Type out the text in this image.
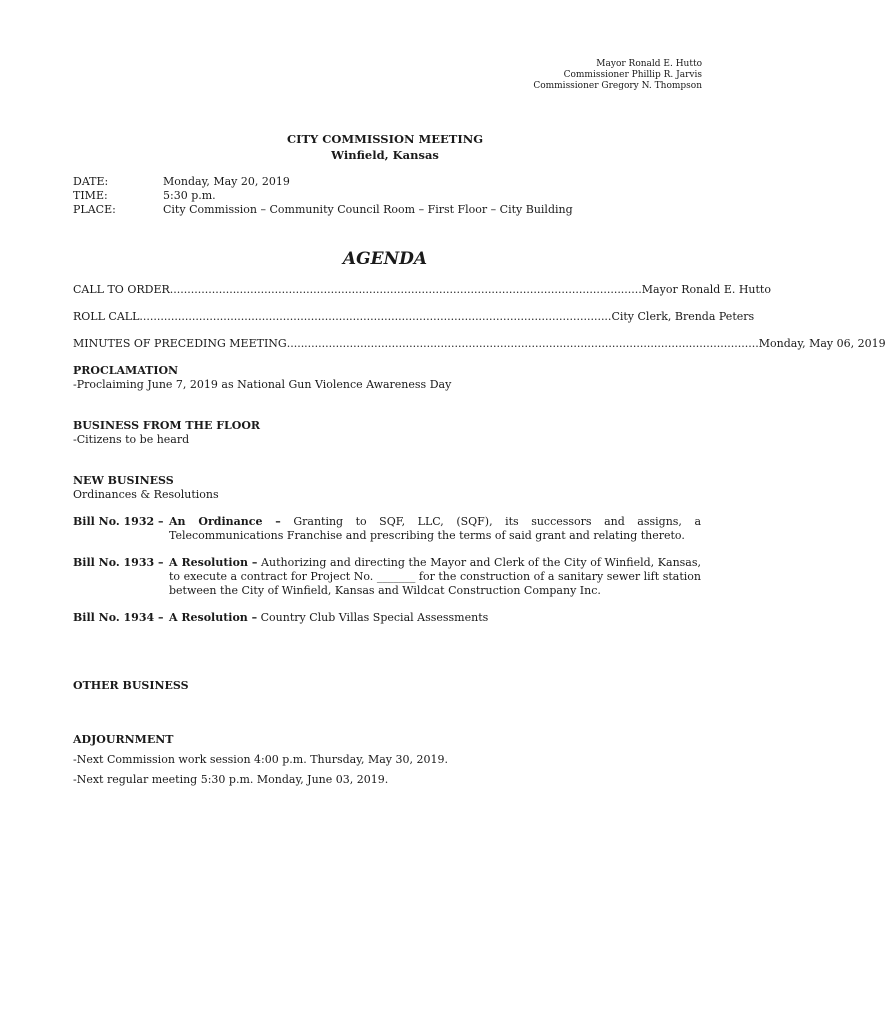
Mayor Ronald E. Hutto
Commissioner Phillip R. Jarvis
Commissioner Gregory N. Thompson
CITY COMMISSION MEETING
Winfield, Kansas
DATE:	Monday, May 20, 2019
TIME:	5:30 p.m.
PLACE:	City Commission – Community Council Room – First Floor – City Building
AGENDA
CALL TO ORDER ....................................................................................................................................... Mayor Ronald E. Hutto
ROLL CALL ....................................................................................................................................... City Clerk, Brenda Peters
MINUTES OF PRECEDING MEETING ....................................................................................................................................... Monday, May 06, 2019
PROCLAMATION
-Proclaiming June 7, 2019 as National Gun Violence Awareness Day
BUSINESS FROM THE FLOOR
-Citizens to be heard
NEW BUSINESS
Ordinances & Resolutions
Bill No. 1932 – An Ordinance – Granting to SQF, LLC, (SQF), its successors and assigns, a
Telecommunications Franchise and prescribing the terms of said grant and relating thereto.
Bill No. 1933 – A Resolution – Authorizing and directing the Mayor and Clerk of the City of Winfield, Kansas,
to execute a contract for Project No. _______ for the construction of a sanitary sewer lift station
between the City of Winfield, Kansas and Wildcat Construction Company Inc.
Bill No. 1934 – A Resolution – Country Club Villas Special Assessments
OTHER BUSINESS
ADJOURNMENT
-Next Commission work session 4:00 p.m. Thursday, May 30, 2019.
-Next regular meeting 5:30 p.m. Monday, June 03, 2019.
